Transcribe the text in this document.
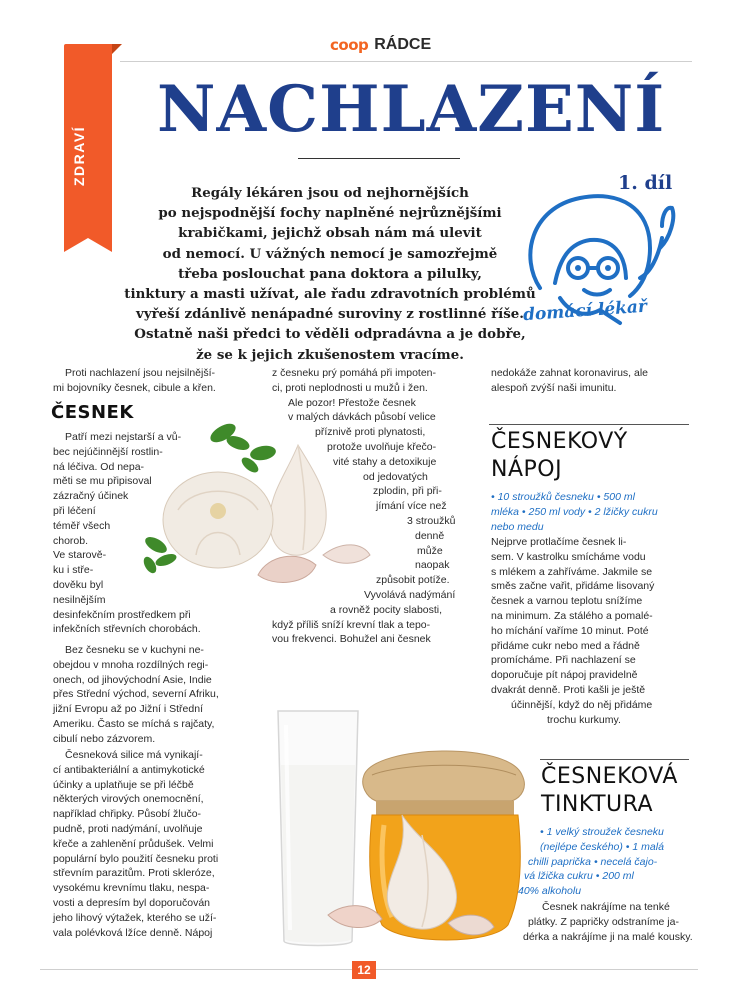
coop RÁDCE
ZDRAVÍ
NACHLAZENÍ
Regály lékáren jsou od nejhornějších
po nejspodnější fochy naplněné nejrůznějšími
krabičkami, jejichž obsah nám má ulevit
od nemocí. U vážných nemocí je samozřejmě
třeba poslouchat pana doktora a pilulky,
tinktury a masti užívat, ale řadu zdravotních problémů
vyřeší zdánlivě nenápadné suroviny z rostlinné říše.
Ostatně naši předci to věděli odpradávna a je dobře,
že se k jejich zkušenostem vracíme.
1. díl
domácí lékař
Proti nachlazení jsou nejsilnější-
mi bojovníky česnek, cibule a křen.
ČESNEK
Patří mezi nejstarší a vů-
bec nejúčinnější rostlin-
ná léčiva. Od nepa-
měti se mu připisoval
zázračný účinek
při léčení
téměř všech
chorob.
Ve starově-
ku i stře-
dověku byl
nesilnějším
desinfekčním prostředkem při
infekčních střevních chorobách.
Bez česneku se v kuchyni ne-
obejdou v mnoha rozdílných regi-
onech, od jihovýchodní Asie, Indie
přes Střední východ, severní Afriku,
jižní Evropu až po Jižní i Střední
Ameriku. Často se míchá s rajčaty,
cibulí nebo zázvorem.
Česneková silice má vynikají-
cí antibakteriální a antimykotické
účinky a uplatňuje se při léčbě
některých virových onemocnění,
například chřipky. Působí žlučo-
pudně, proti nadýmání, uvolňuje
křeče a zahlenění průdušek. Velmi
populární bylo použití česneku proti
střevním parazitům. Proti skleróze,
vysokému krevnímu tlaku, nespa-
vosti a depresím byl doporučován
jeho lihový výtažek, kterého se uží-
vala polévková lžíce denně. Nápoj
z česneku prý pomáhá při impoten-
ci, proti neplodnosti u mužů i žen.
Ale pozor! Přestože česnek
v malých dávkách působí velice
příznivě proti plynatosti,
protože uvolňuje křečo-
vité stahy a detoxikuje
od jedovatých
zplodin, při při-
jímání více než
3 stroužků
denně
může
naopak
způsobit potíže.
Vyvolává nadýmání
a rovněž pocity slabosti,
když příliš sníží krevní tlak a tepo-
vou frekvenci. Bohužel ani česnek
nedokáže zahnat koronavirus, ale
alespoň zvýší naši imunitu.
ČESNEKOVÝ
NÁPOJ
• 10 stroužků česneku • 500 ml
mléka • 250 ml vody • 2 lžičky cukru
nebo medu
Nejprve protlačíme česnek li-
sem. V kastrolku smícháme vodu
s mlékem a zahříváme. Jakmile se
směs začne vařit, přidáme lisovaný
česnek a varnou teplotu snížíme
na minimum. Za stálého a pomalé-
ho míchání vaříme 10 minut. Poté
přidáme cukr nebo med a řádně
promícháme. Při nachlazení se
doporučuje pít nápoj pravidelně
dvakrát denně. Proti kašli je ještě
účinnější, když do něj přidáme
trochu kurkumy.
ČESNEKOVÁ
TINKTURA
• 1 velký stroužek česneku
(nejlépe českého) • 1 malá
chilli paprička • necelá čajo-
vá lžička cukru • 200 ml
40% alkoholu
Česnek nakrájíme na tenké
plátky. Z papričky odstraníme ja-
dérka a nakrájíme ji na malé kousky.
12
